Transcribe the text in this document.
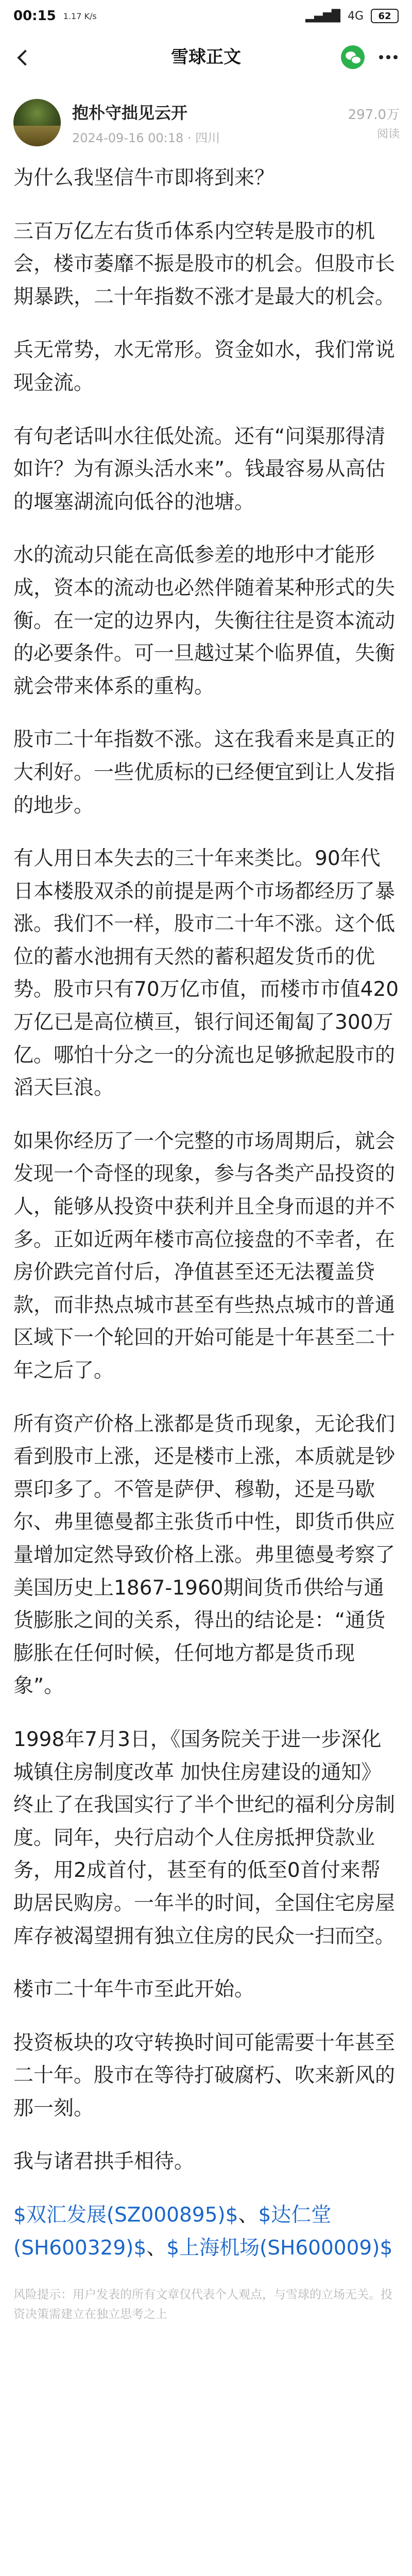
00:15 1.17 K/s	▂▄▆█ 4G	62
雪球正文
抱朴守拙见云开
2024-09-16 00:18 · 四川
297.0万
阅读

为什么我坚信牛市即将到来？

三百万亿左右货币体系内空转是股市的机会，楼市萎靡不振是股市的机会。但股市长期暴跌，二十年指数不涨才是最大的机会。

兵无常势，水无常形。资金如水，我们常说现金流。

有句老话叫水往低处流。还有“问渠那得清如许？为有源头活水来”。钱最容易从高估的堰塞湖流向低谷的池塘。

水的流动只能在高低参差的地形中才能形成，资本的流动也必然伴随着某种形式的失衡。在一定的边界内，失衡往往是资本流动的必要条件。可一旦越过某个临界值，失衡就会带来体系的重构。

股市二十年指数不涨。这在我看来是真正的大利好。一些优质标的已经便宜到让人发指的地步。

有人用日本失去的三十年来类比。90年代日本楼股双杀的前提是两个市场都经历了暴涨。我们不一样，股市二十年不涨。这个低位的蓄水池拥有天然的蓄积超发货币的优势。股市只有70万亿市值，而楼市市值420万亿已是高位横亘，银行间还匍匐了300万亿。哪怕十分之一的分流也足够掀起股市的滔天巨浪。

如果你经历了一个完整的市场周期后，就会发现一个奇怪的现象，参与各类产品投资的人，能够从投资中获利并且全身而退的并不多。正如近两年楼市高位接盘的不幸者，在房价跌完首付后，净值甚至还无法覆盖贷款，而非热点城市甚至有些热点城市的普通区域下一个轮回的开始可能是十年甚至二十年之后了。

所有资产价格上涨都是货币现象，无论我们看到股市上涨，还是楼市上涨，本质就是钞票印多了。不管是萨伊、穆勒，还是马歇尔、弗里德曼都主张货币中性，即货币供应量增加定然导致价格上涨。弗里德曼考察了美国历史上1867-1960期间货币供给与通货膨胀之间的关系，得出的结论是：“通货膨胀在任何时候，任何地方都是货币现象”。

1998年7月3日，《国务院关于进一步深化城镇住房制度改革 加快住房建设的通知》终止了在我国实行了半个世纪的福利分房制度。同年，央行启动个人住房抵押贷款业务，用2成首付，甚至有的低至0首付来帮助居民购房。一年半的时间，全国住宅房屋库存被渴望拥有独立住房的民众一扫而空。

楼市二十年牛市至此开始。

投资板块的攻守转换时间可能需要十年甚至二十年。股市在等待打破腐朽、吹来新风的那一刻。

我与诸君拱手相待。

$双汇发展(SZ000895)$、$达仁堂(SH600329)$、$上海机场(SH600009)$
风险提示：用户发表的所有文章仅代表个人观点，与雪球的立场无关。投资决策需建立在独立思考之上
